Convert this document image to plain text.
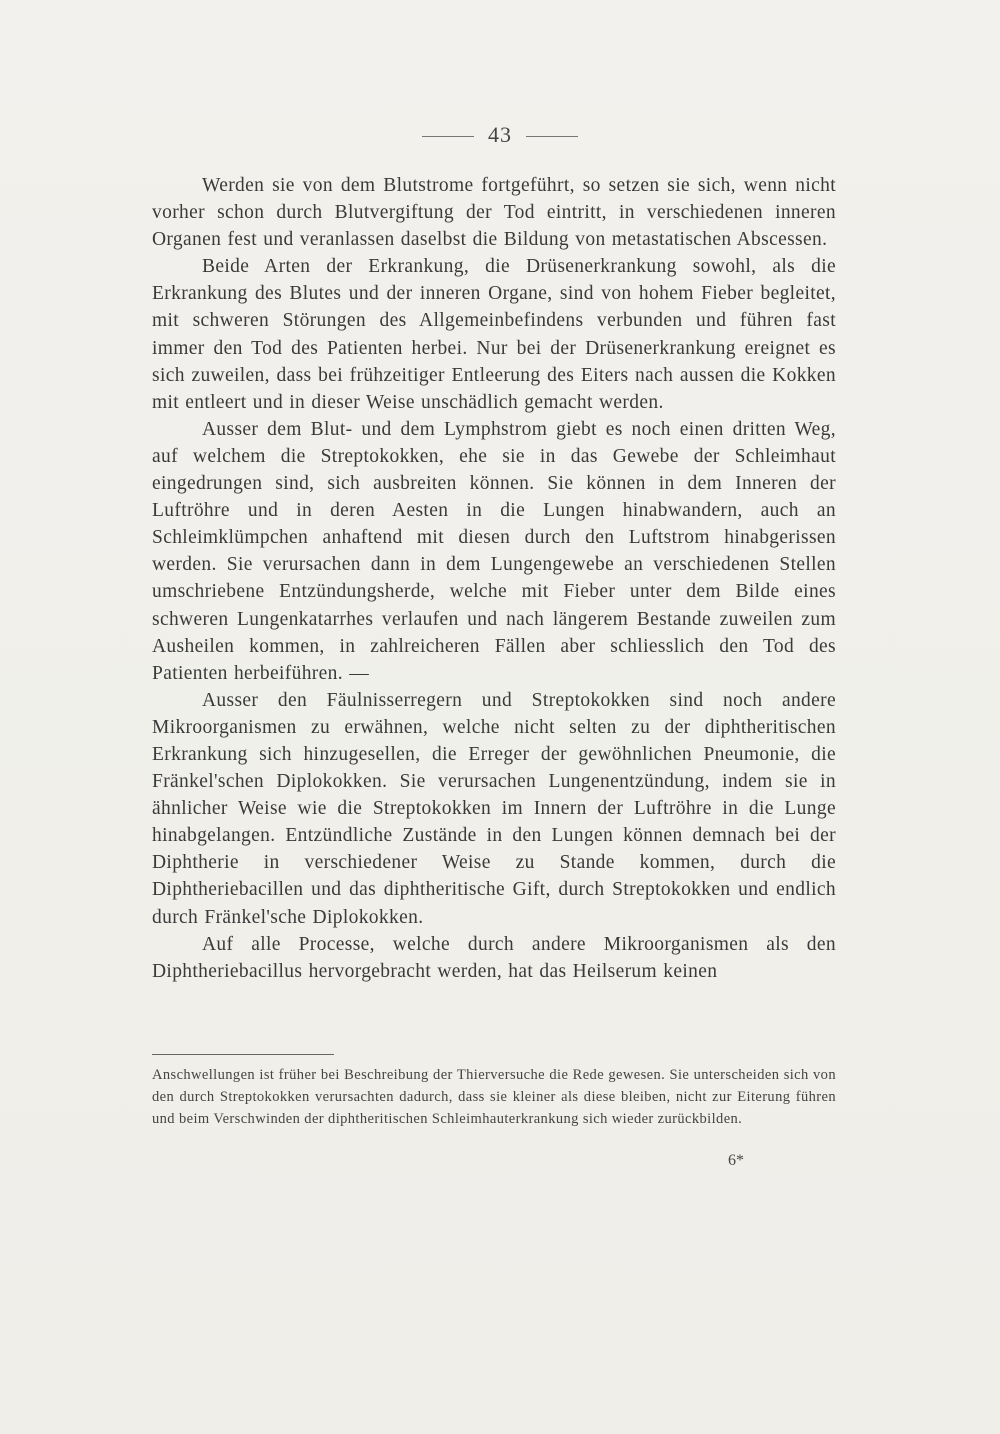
43

Werden sie von dem Blutstrome fortgeführt, so setzen sie sich, wenn nicht vorher schon durch Blutvergiftung der Tod eintritt, in verschiedenen inneren Organen fest und veranlassen daselbst die Bildung von metastatischen Abscessen.

Beide Arten der Erkrankung, die Drüsenerkrankung sowohl, als die Erkrankung des Blutes und der inneren Organe, sind von hohem Fieber begleitet, mit schweren Störungen des Allgemeinbefindens verbunden und führen fast immer den Tod des Patienten herbei. Nur bei der Drüsenerkrankung ereignet es sich zuweilen, dass bei frühzeitiger Entleerung des Eiters nach aussen die Kokken mit entleert und in dieser Weise unschädlich gemacht werden.

Ausser dem Blut- und dem Lymphstrom giebt es noch einen dritten Weg, auf welchem die Streptokokken, ehe sie in das Gewebe der Schleimhaut eingedrungen sind, sich ausbreiten können. Sie können in dem Inneren der Luftröhre und in deren Aesten in die Lungen hinabwandern, auch an Schleimklümpchen anhaftend mit diesen durch den Luftstrom hinabgerissen werden. Sie verursachen dann in dem Lungengewebe an verschiedenen Stellen umschriebene Entzündungsherde, welche mit Fieber unter dem Bilde eines schweren Lungenkatarrhes verlaufen und nach längerem Bestande zuweilen zum Ausheilen kommen, in zahlreicheren Fällen aber schliesslich den Tod des Patienten herbeiführen. —

Ausser den Fäulnisserregern und Streptokokken sind noch andere Mikroorganismen zu erwähnen, welche nicht selten zu der diphtheritischen Erkrankung sich hinzugesellen, die Erreger der gewöhnlichen Pneumonie, die Fränkel'schen Diplokokken. Sie verursachen Lungenentzündung, indem sie in ähnlicher Weise wie die Streptokokken im Innern der Luftröhre in die Lunge hinabgelangen. Entzündliche Zustände in den Lungen können demnach bei der Diphtherie in verschiedener Weise zu Stande kommen, durch die Diphtheriebacillen und das diphtheritische Gift, durch Streptokokken und endlich durch Fränkel'sche Diplokokken.

Auf alle Processe, welche durch andere Mikroorganismen als den Diphtheriebacillus hervorgebracht werden, hat das Heilserum keinen

Anschwellungen ist früher bei Beschreibung der Thierversuche die Rede gewesen. Sie unterscheiden sich von den durch Streptokokken verursachten dadurch, dass sie kleiner als diese bleiben, nicht zur Eiterung führen und beim Verschwinden der diphtheritischen Schleimhauterkrankung sich wieder zurückbilden.

6*
